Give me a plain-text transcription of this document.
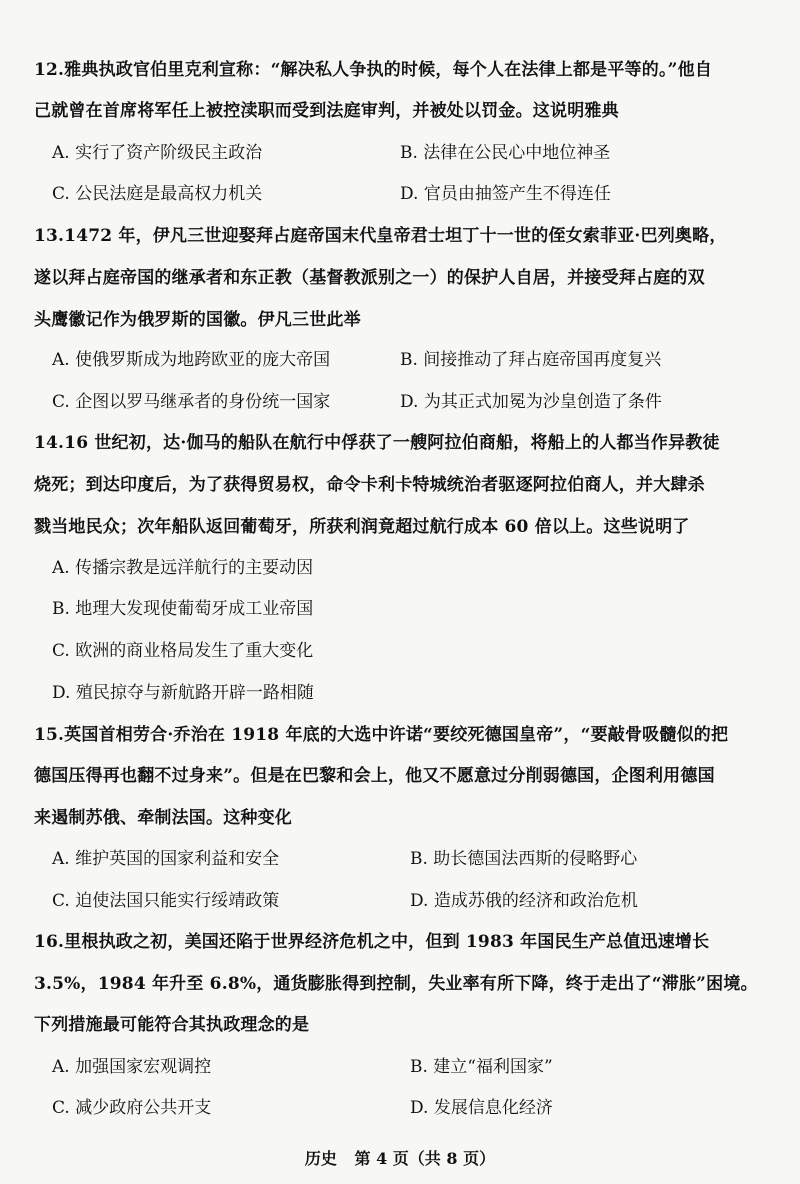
12.雅典执政官伯里克利宣称：“解决私人争执的时候，每个人在法律上都是平等的。”他自
己就曾在首席将军任上被控渎职而受到法庭审判，并被处以罚金。这说明雅典
A. 实行了资产阶级民主政治	B. 法律在公民心中地位神圣
C. 公民法庭是最高权力机关	D. 官员由抽签产生不得连任
13.1472 年，伊凡三世迎娶拜占庭帝国末代皇帝君士坦丁十一世的侄女索菲亚·巴列奥略，
遂以拜占庭帝国的继承者和东正教（基督教派别之一）的保护人自居，并接受拜占庭的双
头鹰徽记作为俄罗斯的国徽。伊凡三世此举
A. 使俄罗斯成为地跨欧亚的庞大帝国	B. 间接推动了拜占庭帝国再度复兴
C. 企图以罗马继承者的身份统一国家	D. 为其正式加冕为沙皇创造了条件
14.16 世纪初，达·伽马的船队在航行中俘获了一艘阿拉伯商船，将船上的人都当作异教徒
烧死；到达印度后，为了获得贸易权，命令卡利卡特城统治者驱逐阿拉伯商人，并大肆杀
戮当地民众；次年船队返回葡萄牙，所获利润竟超过航行成本 60 倍以上。这些说明了
A. 传播宗教是远洋航行的主要动因
B. 地理大发现使葡萄牙成工业帝国
C. 欧洲的商业格局发生了重大变化
D. 殖民掠夺与新航路开辟一路相随
15.英国首相劳合·乔治在 1918 年底的大选中许诺“要绞死德国皇帝”，“要敲骨吸髓似的把
德国压得再也翻不过身来”。但是在巴黎和会上，他又不愿意过分削弱德国，企图利用德国
来遏制苏俄、牵制法国。这种变化
A. 维护英国的国家利益和安全	B. 助长德国法西斯的侵略野心
C. 迫使法国只能实行绥靖政策	D. 造成苏俄的经济和政治危机
16.里根执政之初，美国还陷于世界经济危机之中，但到 1983 年国民生产总值迅速增长
3.5%，1984 年升至 6.8%，通货膨胀得到控制，失业率有所下降，终于走出了“滞胀”困境。
下列措施最可能符合其执政理念的是
A. 加强国家宏观调控	B. 建立“福利国家”
C. 减少政府公共开支	D. 发展信息化经济
历史 第 4 页（共 8 页）
